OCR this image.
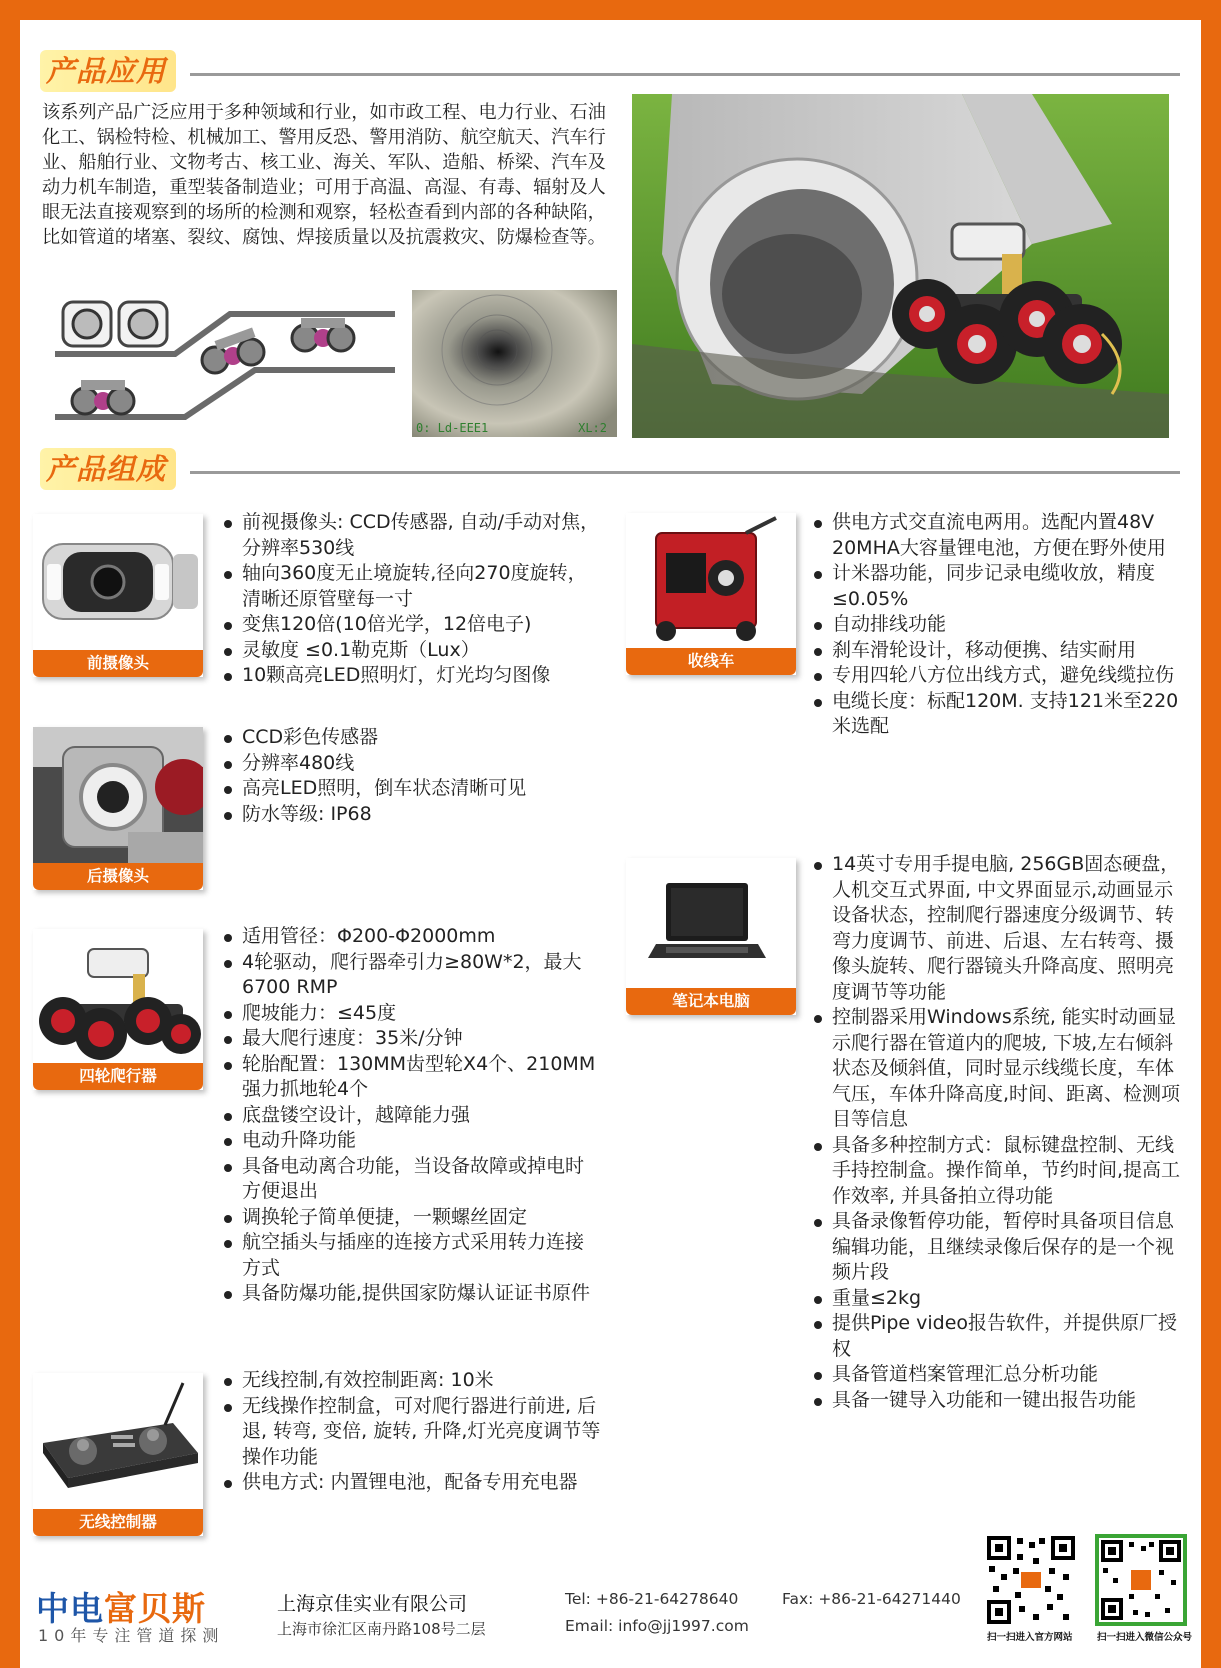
产品应用

该系列产品广泛应用于多种领域和行业，如市政工程、电力行业、石油化工、锅检特检、机械加工、警用反恐、警用消防、航空航天、汽车行业、船舶行业、文物考古、核工业、海关、军队、造船、桥梁、汽车及动力机车制造，重型装备制造业；可用于高温、高湿、有毒、辐射及人眼无法直接观察到的场所的检测和观察，轻松查看到内部的各种缺陷，比如管道的堵塞、裂纹、腐蚀、焊接质量以及抗震救灾、防爆检查等。

0: Ld-EEE1	XL:2
产品组成
前摄像头
前视摄像头: CCD传感器, 自动/手动对焦，分辨率530线
轴向360度无止境旋转,径向270度旋转，清晰还原管壁每一寸
变焦120倍(10倍光学，12倍电子)
灵敏度 ≤0.1勒克斯（Lux）
10颗高亮LED照明灯，灯光均匀图像
后摄像头
CCD彩色传感器
分辨率480线
高亮LED照明，倒车状态清晰可见
防水等级: IP68
四轮爬行器
适用管径：Φ200-Φ2000mm
4轮驱动，爬行器牵引力≥80W*2，最大6700 RMP
爬坡能力：≤45度
最大爬行速度：35米/分钟
轮胎配置：130MM齿型轮X4个、210MM强力抓地轮4个
底盘镂空设计，越障能力强
电动升降功能
具备电动离合功能，当设备故障或掉电时方便退出
调换轮子简单便捷，一颗螺丝固定
航空插头与插座的连接方式采用转力连接方式
具备防爆功能,提供国家防爆认证证书原件
无线控制器
无线控制,有效控制距离: 10米
无线操作控制盒，可对爬行器进行前进, 后退, 转弯, 变倍, 旋转, 升降,灯光亮度调节等操作功能
供电方式: 内置锂电池，配备专用充电器
收线车
供电方式交直流电两用。选配内置48V 20MHA大容量锂电池，方便在野外使用
计米器功能，同步记录电缆收放，精度≤0.05%
自动排线功能
刹车滑轮设计，移动便携、结实耐用
专用四轮八方位出线方式，避免线缆拉伤
电缆长度：标配120M. 支持121米至220米选配
笔记本电脑
14英寸专用手提电脑, 256GB固态硬盘，人机交互式界面, 中文界面显示,动画显示设备状态，控制爬行器速度分级调节、转弯力度调节、前进、后退、左右转弯、摄像头旋转、爬行器镜头升降高度、照明亮度调节等功能
控制器采用Windows系统, 能实时动画显示爬行器在管道内的爬坡, 下坡,左右倾斜状态及倾斜值，同时显示线缆长度，车体气压，车体升降高度,时间、距离、检测项目等信息
具备多种控制方式：鼠标键盘控制、无线手持控制盒。操作简单，节约时间,提高工作效率, 并具备拍立得功能
具备录像暂停功能，暂停时具备项目信息编辑功能，且继续录像后保存的是一个视频片段
重量≤2kg
提供Pipe video报告软件，并提供原厂授权
具备管道档案管理汇总分析功能
具备一键导入功能和一键出报告功能
中电富贝斯
10年专注管道探测
上海京佳实业有限公司
上海市徐汇区南丹路108号二层
Tel: +86-21-64278640
Email: info@jj1997.com
Fax: +86-21-64271440
扫一扫进入官方网站	扫一扫进入微信公众号
